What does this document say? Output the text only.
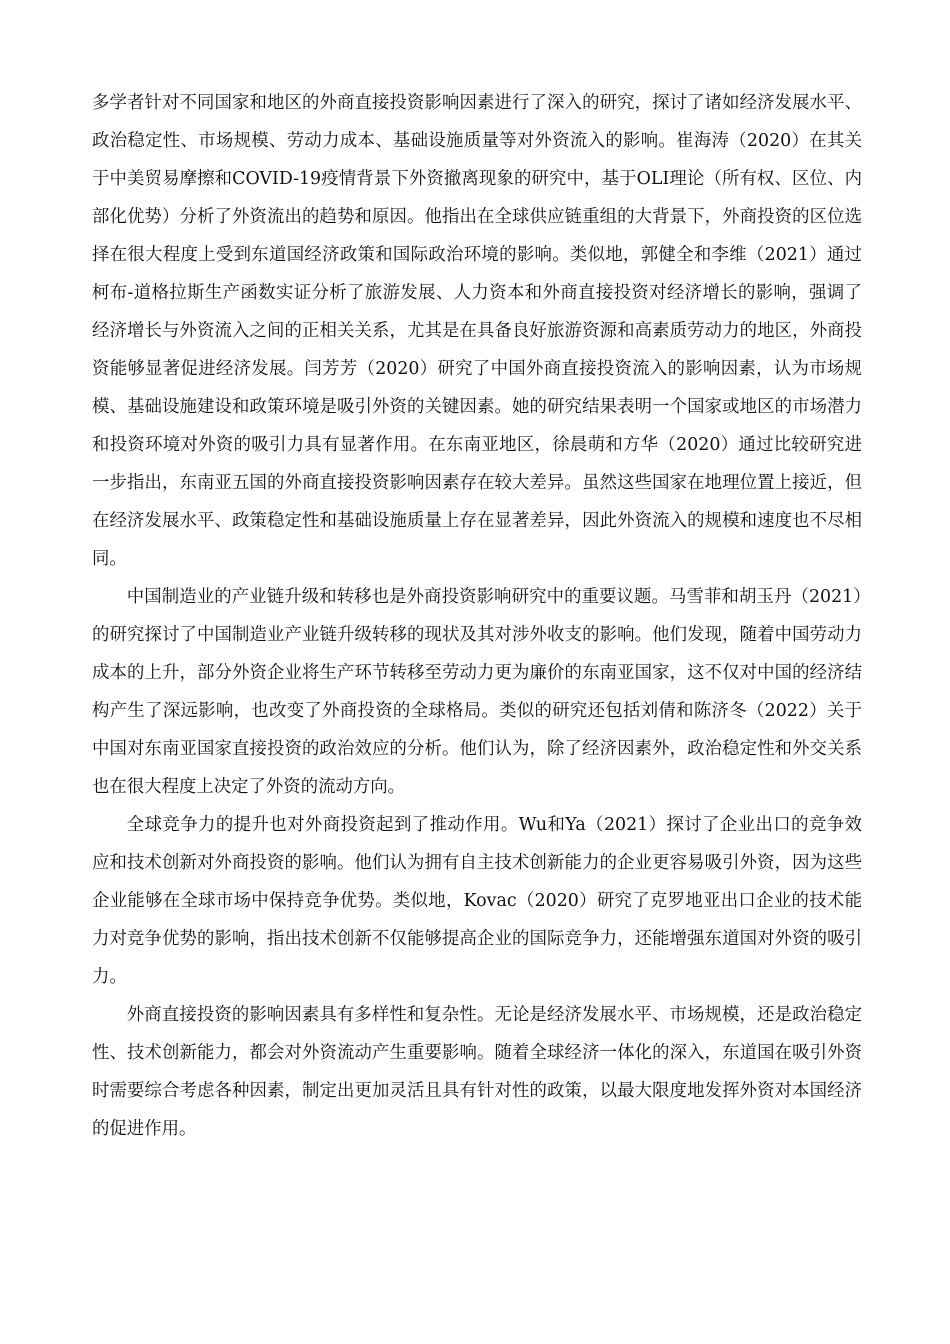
多学者针对不同国家和地区的外商直接投资影响因素进行了深入的研究，探讨了诸如经济发展水平、政治稳定性、市场规模、劳动力成本、基础设施质量等对外资流入的影响。崔海涛（2020）在其关于中美贸易摩擦和COVID-19疫情背景下外资撤离现象的研究中，基于OLI理论（所有权、区位、内部化优势）分析了外资流出的趋势和原因。他指出在全球供应链重组的大背景下，外商投资的区位选择在很大程度上受到东道国经济政策和国际政治环境的影响。类似地，郭健全和李维（2021）通过柯布-道格拉斯生产函数实证分析了旅游发展、人力资本和外商直接投资对经济增长的影响，强调了经济增长与外资流入之间的正相关关系，尤其是在具备良好旅游资源和高素质劳动力的地区，外商投资能够显著促进经济发展。闫芳芳（2020）研究了中国外商直接投资流入的影响因素，认为市场规模、基础设施建设和政策环境是吸引外资的关键因素。她的研究结果表明一个国家或地区的市场潜力和投资环境对外资的吸引力具有显著作用。在东南亚地区，徐晨萌和方华（2020）通过比较研究进一步指出，东南亚五国的外商直接投资影响因素存在较大差异。虽然这些国家在地理位置上接近，但在经济发展水平、政策稳定性和基础设施质量上存在显著差异，因此外资流入的规模和速度也不尽相同。

中国制造业的产业链升级和转移也是外商投资影响研究中的重要议题。马雪菲和胡玉丹（2021）的研究探讨了中国制造业产业链升级转移的现状及其对涉外收支的影响。他们发现，随着中国劳动力成本的上升，部分外资企业将生产环节转移至劳动力更为廉价的东南亚国家，这不仅对中国的经济结构产生了深远影响，也改变了外商投资的全球格局。类似的研究还包括刘倩和陈济冬（2022）关于中国对东南亚国家直接投资的政治效应的分析。他们认为，除了经济因素外，政治稳定性和外交关系也在很大程度上决定了外资的流动方向。

全球竞争力的提升也对外商投资起到了推动作用。Wu和Ya（2021）探讨了企业出口的竞争效应和技术创新对外商投资的影响。他们认为拥有自主技术创新能力的企业更容易吸引外资，因为这些企业能够在全球市场中保持竞争优势。类似地，Kovac（2020）研究了克罗地亚出口企业的技术能力对竞争优势的影响，指出技术创新不仅能够提高企业的国际竞争力，还能增强东道国对外资的吸引力。

外商直接投资的影响因素具有多样性和复杂性。无论是经济发展水平、市场规模，还是政治稳定性、技术创新能力，都会对外资流动产生重要影响。随着全球经济一体化的深入，东道国在吸引外资时需要综合考虑各种因素，制定出更加灵活且具有针对性的政策，以最大限度地发挥外资对本国经济的促进作用。
